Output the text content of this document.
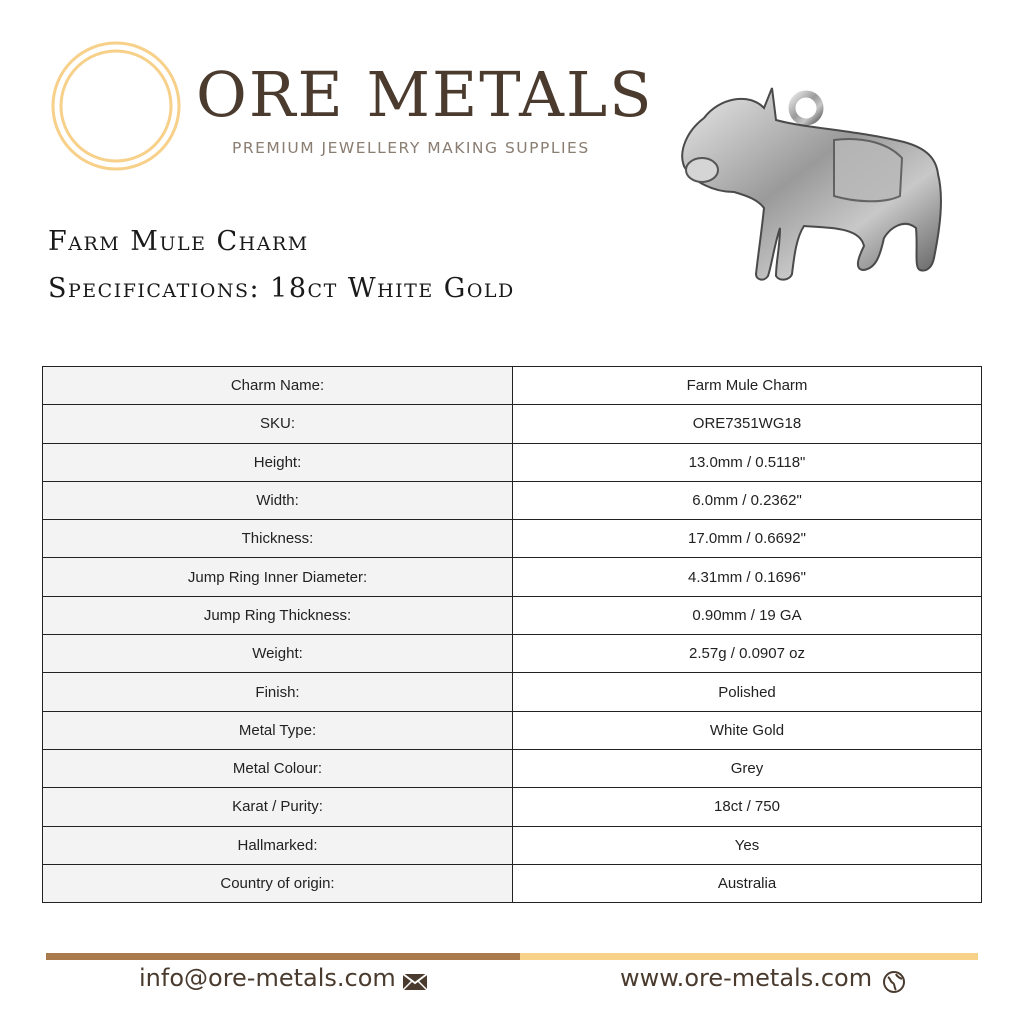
ORE METALS
PREMIUM JEWELLERY MAKING SUPPLIES
Farm Mule Charm
Specifications: 18ct White Gold
Charm Name:	Farm Mule Charm
SKU:	ORE7351WG18
Height:	13.0mm / 0.5118"
Width:	6.0mm / 0.2362"
Thickness:	17.0mm / 0.6692"
Jump Ring Inner Diameter:	4.31mm / 0.1696"
Jump Ring Thickness:	0.90mm / 19 GA
Weight:	2.57g / 0.0907 oz
Finish:	Polished
Metal Type:	White Gold
Metal Colour:	Grey
Karat / Purity:	18ct / 750
Hallmarked:	Yes
Country of origin:	Australia
info@ore-metals.com	www.ore-metals.com
